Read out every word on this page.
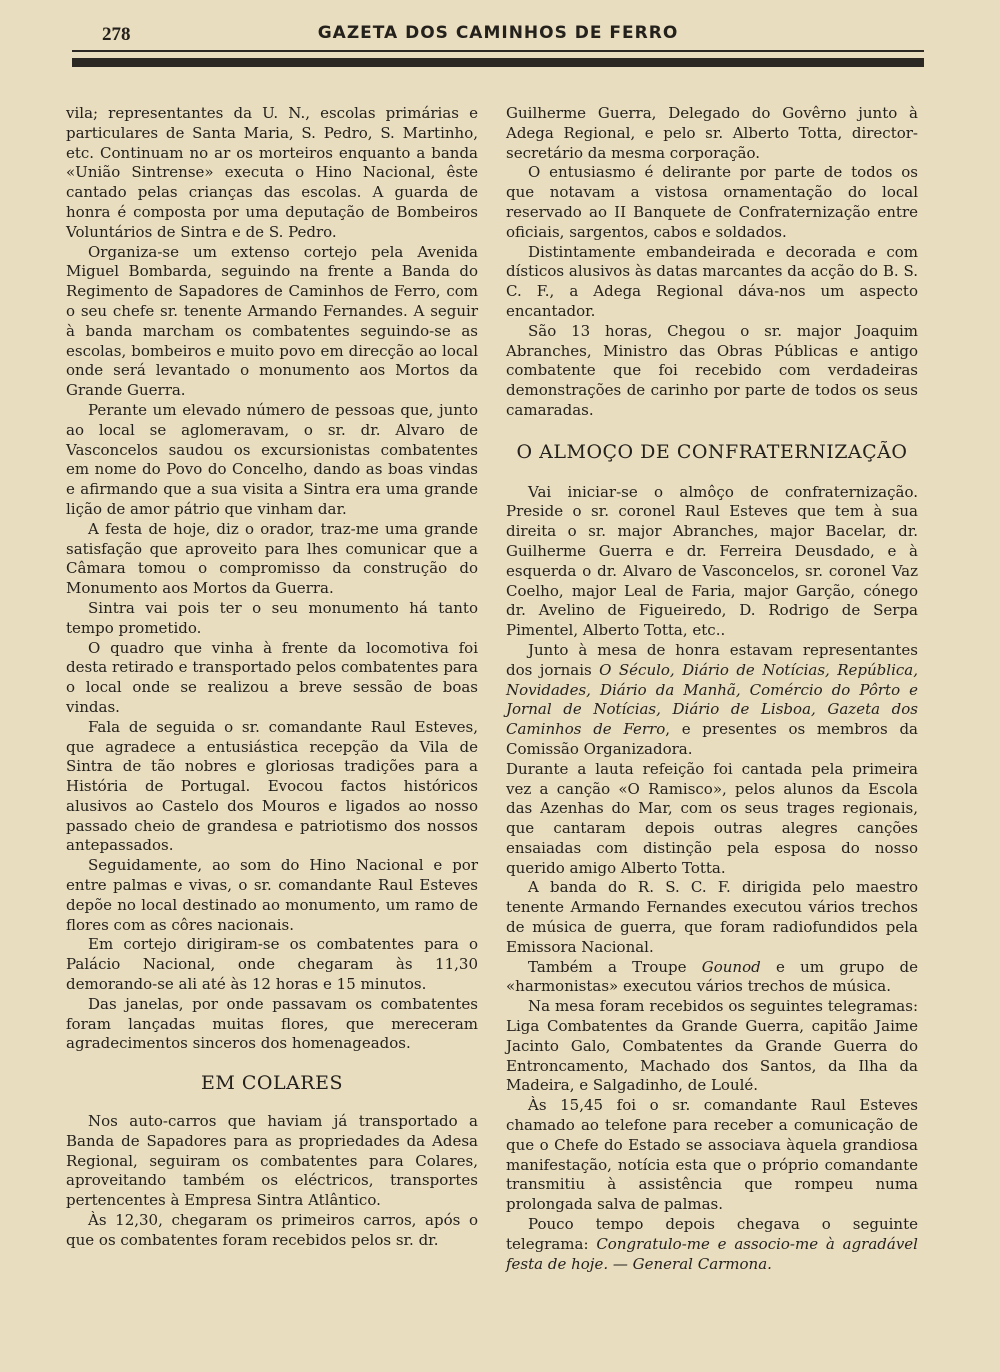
278	GAZETA DOS CAMINHOS DE FERRO

vila; representantes da U. N., escolas primárias e particulares de Santa Maria, S. Pedro, S. Martinho, etc. Continuam no ar os morteiros enquanto a banda «União Sintrense» executa o Hino Nacional, êste cantado pelas crianças das escolas. A guarda de honra é composta por uma deputação de Bombeiros Voluntários de Sintra e de S. Pedro.

Organiza-se um extenso cortejo pela Avenida Miguel Bombarda, seguindo na frente a Banda do Regimento de Sapadores de Caminhos de Ferro, com o seu chefe sr. tenente Armando Fernandes. A seguir à banda marcham os combatentes seguindo-se as escolas, bombeiros e muito povo em direcção ao local onde será levantado o monumento aos Mortos da Grande Guerra.

Perante um elevado número de pessoas que, junto ao local se aglomeravam, o sr. dr. Alvaro de Vasconcelos saudou os excursionistas combatentes em nome do Povo do Concelho, dando as boas vindas e afirmando que a sua visita a Sintra era uma grande lição de amor pátrio que vinham dar.

A festa de hoje, diz o orador, traz-me uma grande satisfação que aproveito para lhes comunicar que a Câmara tomou o compromisso da construção do Monumento aos Mortos da Guerra.

Sintra vai pois ter o seu monumento há tanto tempo prometido.

O quadro que vinha à frente da locomotiva foi desta retirado e transportado pelos combatentes para o local onde se realizou a breve sessão de boas vindas.

Fala de seguida o sr. comandante Raul Esteves, que agradece a entusiástica recepção da Vila de Sintra de tão nobres e gloriosas tradições para a História de Portugal. Evocou factos históricos alusivos ao Castelo dos Mouros e ligados ao nosso passado cheio de grandesa e patriotismo dos nossos antepassados.

Seguidamente, ao som do Hino Nacional e por entre palmas e vivas, o sr. comandante Raul Esteves depõe no local destinado ao monumento, um ramo de flores com as côres nacionais.

Em cortejo dirigiram-se os combatentes para o Palácio Nacional, onde chegaram às 11,30 demorando-se ali até às 12 horas e 15 minutos.

Das janelas, por onde passavam os combatentes foram lançadas muitas flores, que mereceram agradecimentos sinceros dos homenageados.

EM COLARES

Nos auto-carros que haviam já transportado a Banda de Sapadores para as propriedades da Adesa Regional, seguiram os combatentes para Colares, aproveitando também os eléctricos, transportes pertencentes à Empresa Sintra Atlântico.

Às 12,30, chegaram os primeiros carros, após o que os combatentes foram recebidos pelos sr. dr.

Guilherme Guerra, Delegado do Govêrno junto à Adega Regional, e pelo sr. Alberto Totta, director-secretário da mesma corporação.

O entusiasmo é delirante por parte de todos os que notavam a vistosa ornamentação do local reservado ao II Banquete de Confraternização entre oficiais, sargentos, cabos e soldados.

Distintamente embandeirada e decorada e com dísticos alusivos às datas marcantes da acção do B. S. C. F., a Adega Regional dáva-nos um aspecto encantador.

São 13 horas, Chegou o sr. major Joaquim Abranches, Ministro das Obras Públicas e antigo combatente que foi recebido com verdadeiras demonstrações de carinho por parte de todos os seus camaradas.

O ALMOÇO DE CONFRATERNIZAÇÃO

Vai iniciar-se o almôço de confraternização. Preside o sr. coronel Raul Esteves que tem à sua direita o sr. major Abranches, major Bacelar, dr. Guilherme Guerra e dr. Ferreira Deusdado, e à esquerda o dr. Alvaro de Vasconcelos, sr. coronel Vaz Coelho, major Leal de Faria, major Garção, cónego dr. Avelino de Figueiredo, D. Rodrigo de Serpa Pimentel, Alberto Totta, etc..

Junto à mesa de honra estavam representantes dos jornais O Século, Diário de Notícias, República, Novidades, Diário da Manhã, Comércio do Pôrto e Jornal de Notícias, Diário de Lisboa, Gazeta dos Caminhos de Ferro, e presentes os membros da Comissão Organizadora.

Durante a lauta refeição foi cantada pela primeira vez a canção «O Ramisco», pelos alunos da Escola das Azenhas do Mar, com os seus trages regionais, que cantaram depois outras alegres canções ensaiadas com distinção pela esposa do nosso querido amigo Alberto Totta.

A banda do R. S. C. F. dirigida pelo maestro tenente Armando Fernandes executou vários trechos de música de guerra, que foram radiofundidos pela Emissora Nacional.

Também a Troupe Gounod e um grupo de «harmonistas» executou vários trechos de música.

Na mesa foram recebidos os seguintes telegramas: Liga Combatentes da Grande Guerra, capitão Jaime Jacinto Galo, Combatentes da Grande Guerra do Entroncamento, Machado dos Santos, da Ilha da Madeira, e Salgadinho, de Loulé.

Às 15,45 foi o sr. comandante Raul Esteves chamado ao telefone para receber a comunicação de que o Chefe do Estado se associava àquela grandiosa manifestação, notícia esta que o próprio comandante transmitiu à assistência que rompeu numa prolongada salva de palmas.

Pouco tempo depois chegava o seguinte telegrama: Congratulo-me e associo-me à agradável festa de hoje. — General Carmona.
